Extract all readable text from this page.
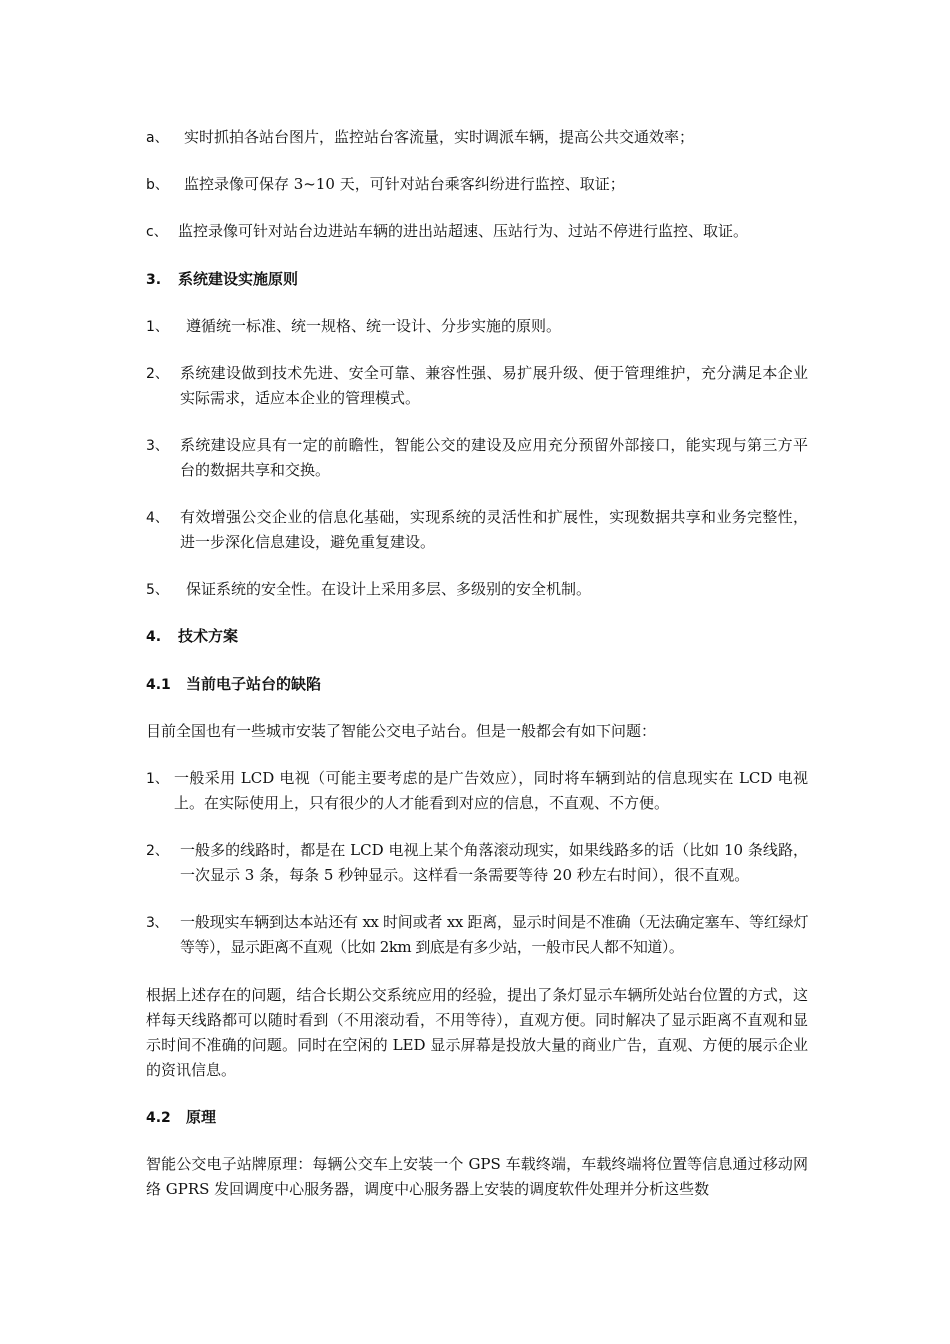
a、	实时抓拍各站台图片，监控站台客流量，实时调派车辆，提高公共交通效率；
b、	监控录像可保存 3~10 天，可针对站台乘客纠纷进行监控、取证；
c、 监控录像可针对站台边进站车辆的进出站超速、压站行为、过站不停进行监控、取证。
3.	系统建设实施原则
1、	遵循统一标准、统一规格、统一设计、分步实施的原则。
2、 系统建设做到技术先进、安全可靠、兼容性强、易扩展升级、便于管理维护，充分满足本企业实际需求，适应本企业的管理模式。
3、 系统建设应具有一定的前瞻性，智能公交的建设及应用充分预留外部接口，能实现与第三方平台的数据共享和交换。
4、 有效增强公交企业的信息化基础，实现系统的灵活性和扩展性，实现数据共享和业务完整性，进一步深化信息建设，避免重复建设。
5、	保证系统的安全性。在设计上采用多层、多级别的安全机制。
4.	技术方案
4.1	当前电子站台的缺陷

目前全国也有一些城市安装了智能公交电子站台。但是一般都会有如下问题：

1、 一般采用 LCD 电视（可能主要考虑的是广告效应），同时将车辆到站的信息现实在 LCD 电视上。在实际使用上，只有很少的人才能看到对应的信息，不直观、不方便。
2、 一般多的线路时，都是在 LCD 电视上某个角落滚动现实，如果线路多的话（比如 10 条线路，一次显示 3 条，每条 5 秒钟显示。这样看一条需要等待 20 秒左右时间），很不直观。
3、 一般现实车辆到达本站还有 xx 时间或者 xx 距离，显示时间是不准确（无法确定塞车、等红绿灯等等），显示距离不直观（比如 2km 到底是有多少站，一般市民人都不知道）。

根据上述存在的问题，结合长期公交系统应用的经验，提出了条灯显示车辆所处站台位置的方式，这样每天线路都可以随时看到（不用滚动看，不用等待），直观方便。同时解决了显示距离不直观和显示时间不准确的问题。同时在空闲的 LED 显示屏幕是投放大量的商业广告，直观、方便的展示企业的资讯信息。

4.2	原理

智能公交电子站牌原理：每辆公交车上安装一个 GPS 车载终端，车载终端将位置等信息通过移动网络 GPRS 发回调度中心服务器，调度中心服务器上安装的调度软件处理并分析这些数
